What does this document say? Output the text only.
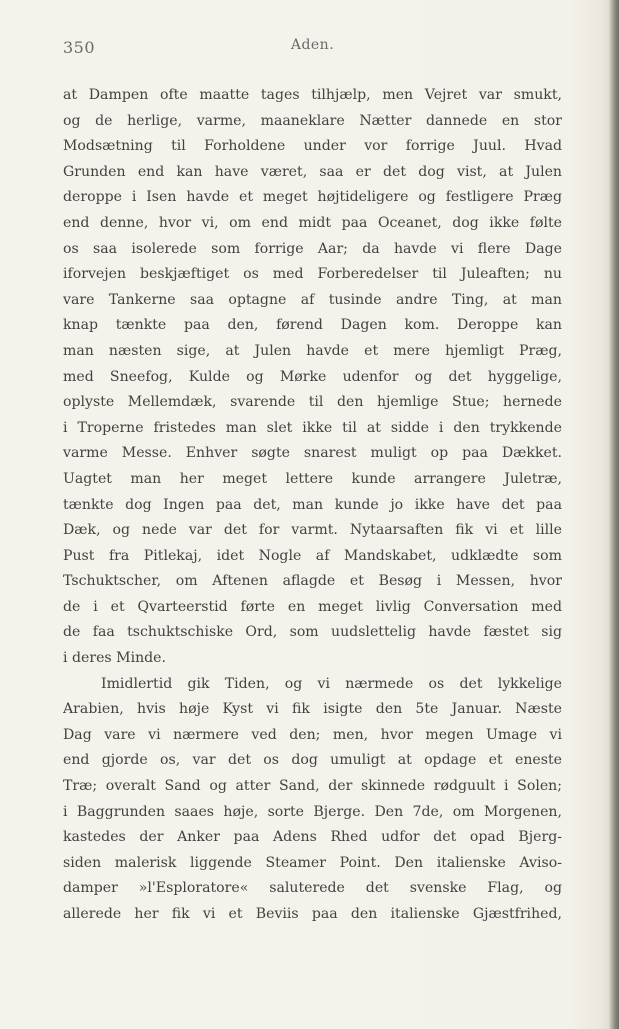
350	Aden.
at Dampen ofte maatte tages tilhjælp, men Vejret var smukt,
og de herlige, varme, maaneklare Nætter dannede en stor
Modsætning til Forholdene under vor forrige Juul. Hvad
Grunden end kan have været, saa er det dog vist, at Julen
deroppe i Isen havde et meget højtideligere og festligere Præg
end denne, hvor vi, om end midt paa Oceanet, dog ikke følte
os saa isolerede som forrige Aar; da havde vi flere Dage
iforvejen beskjæftiget os med Forberedelser til Juleaften; nu
vare Tankerne saa optagne af tusinde andre Ting, at man
knap tænkte paa den, førend Dagen kom. Deroppe kan
man næsten sige, at Julen havde et mere hjemligt Præg,
med Sneefog, Kulde og Mørke udenfor og det hyggelige,
oplyste Mellemdæk, svarende til den hjemlige Stue; hernede
i Troperne fristedes man slet ikke til at sidde i den trykkende
varme Messe. Enhver søgte snarest muligt op paa Dækket.
Uagtet man her meget lettere kunde arrangere Juletræ,
tænkte dog Ingen paa det, man kunde jo ikke have det paa
Dæk, og nede var det for varmt. Nytaarsaften fik vi et lille
Pust fra Pitlekaj, idet Nogle af Mandskabet, udklædte som
Tschuktscher, om Aftenen aflagde et Besøg i Messen, hvor
de i et Qvarteerstid førte en meget livlig Conversation med
de faa tschuktschiske Ord, som uudslettelig havde fæstet sig
i deres Minde.
Imidlertid gik Tiden, og vi nærmede os det lykkelige
Arabien, hvis høje Kyst vi fik isigte den 5te Januar. Næste
Dag vare vi nærmere ved den; men, hvor megen Umage vi
end gjorde os, var det os dog umuligt at opdage et eneste
Træ; overalt Sand og atter Sand, der skinnede rødguult i Solen;
i Baggrunden saaes høje, sorte Bjerge. Den 7de, om Morgenen,
kastedes der Anker paa Adens Rhed udfor det opad Bjerg-
siden malerisk liggende Steamer Point. Den italienske Aviso-
damper »l'Esploratore« saluterede det svenske Flag, og
allerede her fik vi et Beviis paa den italienske Gjæstfrihed,
